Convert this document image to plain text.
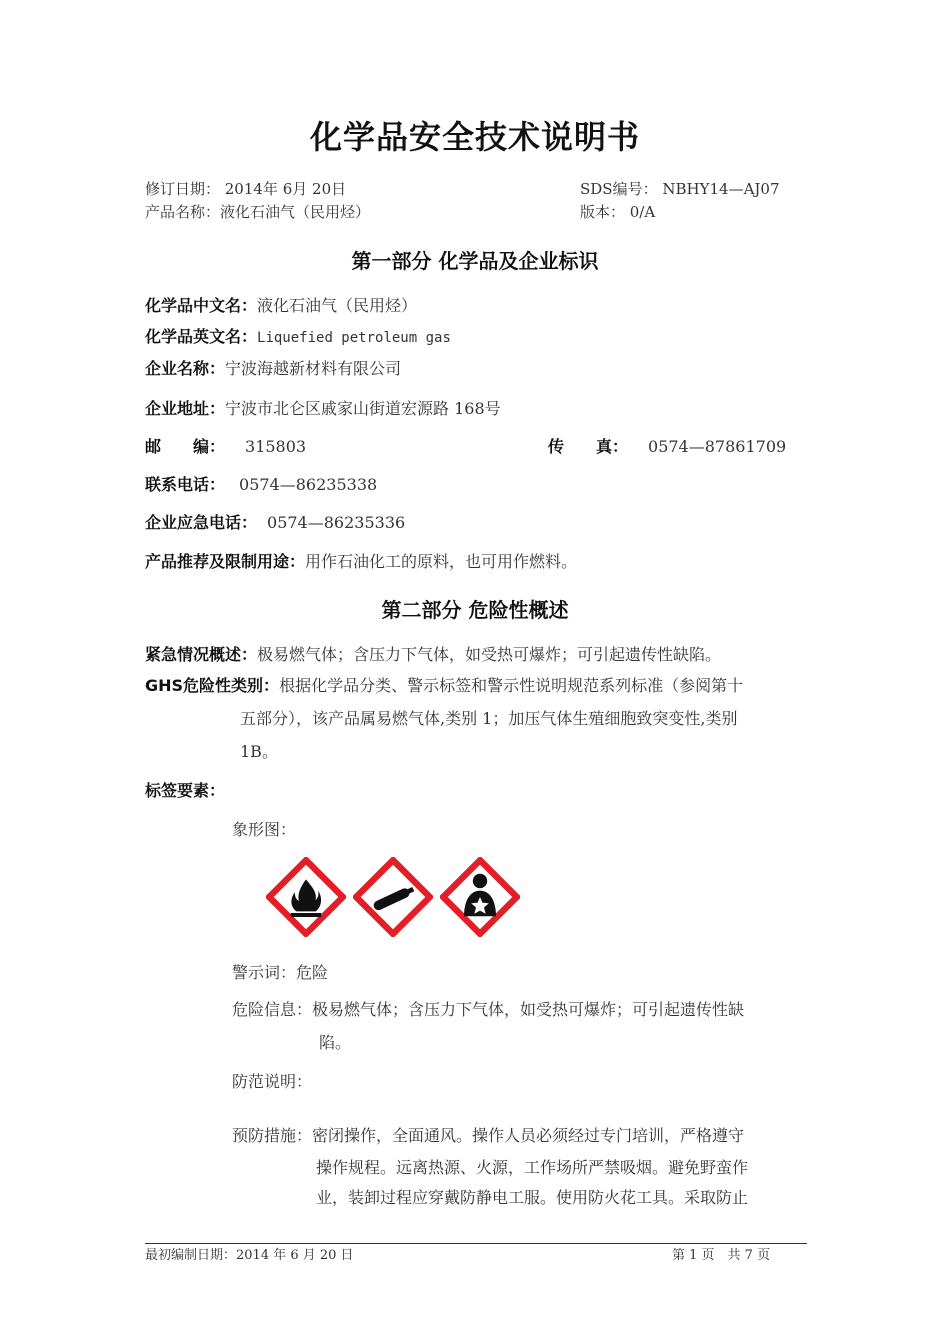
化学品安全技术说明书
修订日期： 2014年 6月 20日
产品名称：液化石油气（民用烃）
SDS编号： NBHY14—AJ07
版本： 0/A
第一部分 化学品及企业标识
化学品中文名：液化石油气（民用烃）
化学品英文名：Liquefied petroleum gas
企业名称：宁波海越新材料有限公司
企业地址：宁波市北仑区戚家山街道宏源路 168号
邮　　编： 315803	传　　真： 0574—87861709
联系电话： 0574—86235338
企业应急电话： 0574—86235336
产品推荐及限制用途：用作石油化工的原料，也可用作燃料。
第二部分 危险性概述
紧急情况概述：极易燃气体；含压力下气体，如受热可爆炸；可引起遗传性缺陷。
GHS危险性类别：根据化学品分类、警示标签和警示性说明规范系列标准（参阅第十
五部分），该产品属易燃气体,类别 1；加压气体生殖细胞致突变性,类别
1B。
标签要素：
象形图：
警示词：危险
危险信息：极易燃气体；含压力下气体，如受热可爆炸；可引起遗传性缺
陷。
防范说明：
预防措施：密闭操作，全面通风。操作人员必须经过专门培训，严格遵守
操作规程。远离热源、火源，工作场所严禁吸烟。避免野蛮作
业，装卸过程应穿戴防静电工服。使用防火花工具。采取防止
最初编制日期：2014 年 6 月 20 日	第 1 页　共 7 页
